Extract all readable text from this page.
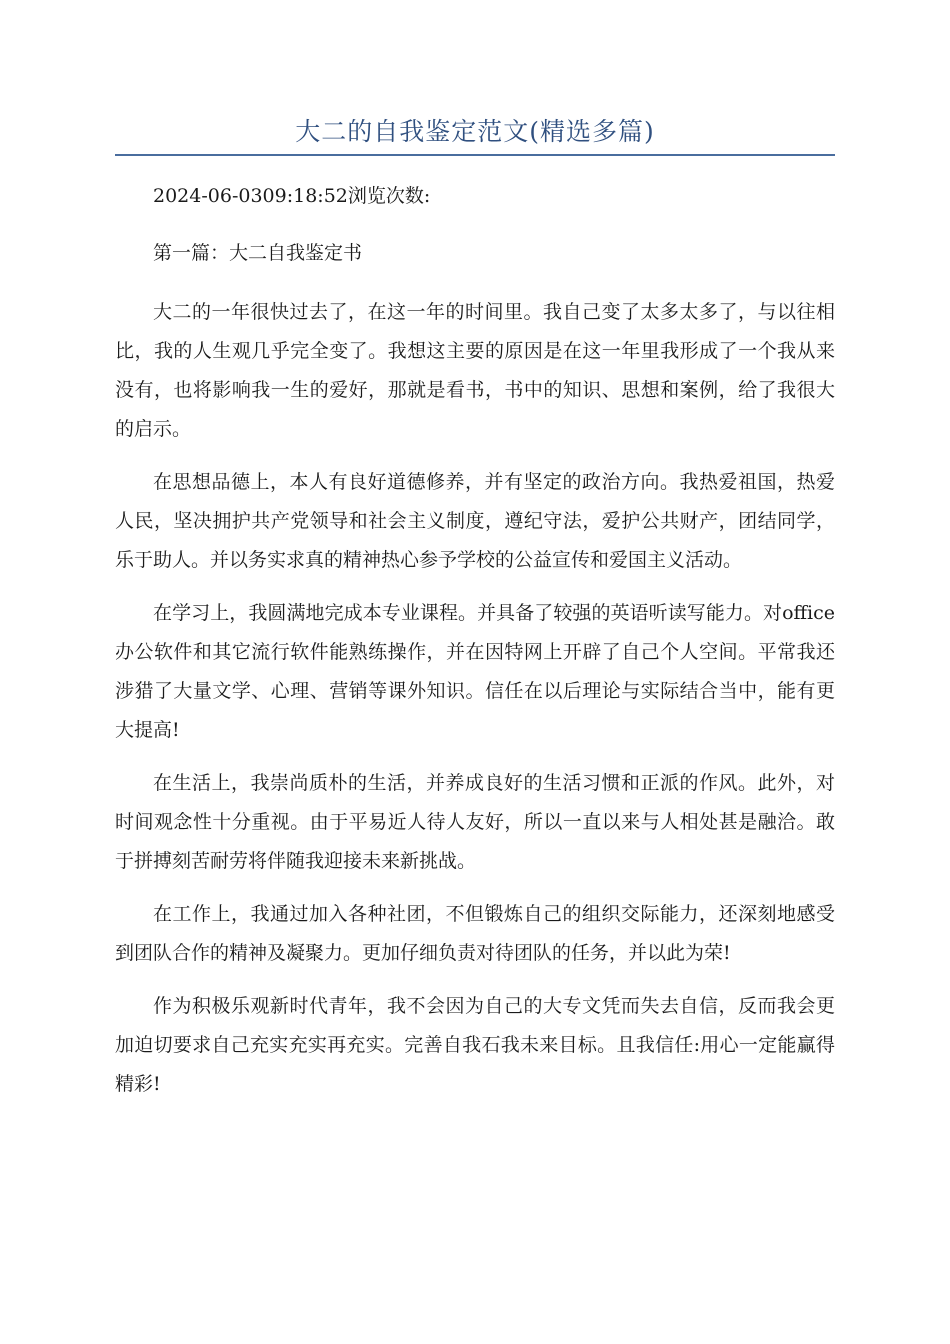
大二的自我鉴定范文(精选多篇)

2024-06-0309:18:52浏览次数:

第一篇：大二自我鉴定书

大二的一年很快过去了，在这一年的时间里。我自己变了太多太多了，与以往相比，我的人生观几乎完全变了。我想这主要的原因是在这一年里我形成了一个我从来没有，也将影响我一生的爱好，那就是看书，书中的知识、思想和案例，给了我很大的启示。

在思想品德上，本人有良好道德修养，并有坚定的政治方向。我热爱祖国，热爱人民，坚决拥护共产党领导和社会主义制度，遵纪守法，爱护公共财产，团结同学，乐于助人。并以务实求真的精神热心参予学校的公益宣传和爱国主义活动。

在学习上，我圆满地完成本专业课程。并具备了较强的英语听读写能力。对office办公软件和其它流行软件能熟练操作，并在因特网上开辟了自己个人空间。平常我还涉猎了大量文学、心理、营销等课外知识。信任在以后理论与实际结合当中，能有更大提高!

在生活上，我崇尚质朴的生活，并养成良好的生活习惯和正派的作风。此外，对时间观念性十分重视。由于平易近人待人友好，所以一直以来与人相处甚是融洽。敢于拼搏刻苦耐劳将伴随我迎接未来新挑战。

在工作上，我通过加入各种社团，不但锻炼自己的组织交际能力，还深刻地感受到团队合作的精神及凝聚力。更加仔细负责对待团队的任务，并以此为荣!

作为积极乐观新时代青年，我不会因为自己的大专文凭而失去自信，反而我会更加迫切要求自己充实充实再充实。完善自我石我未来目标。且我信任:用心一定能赢得精彩!
